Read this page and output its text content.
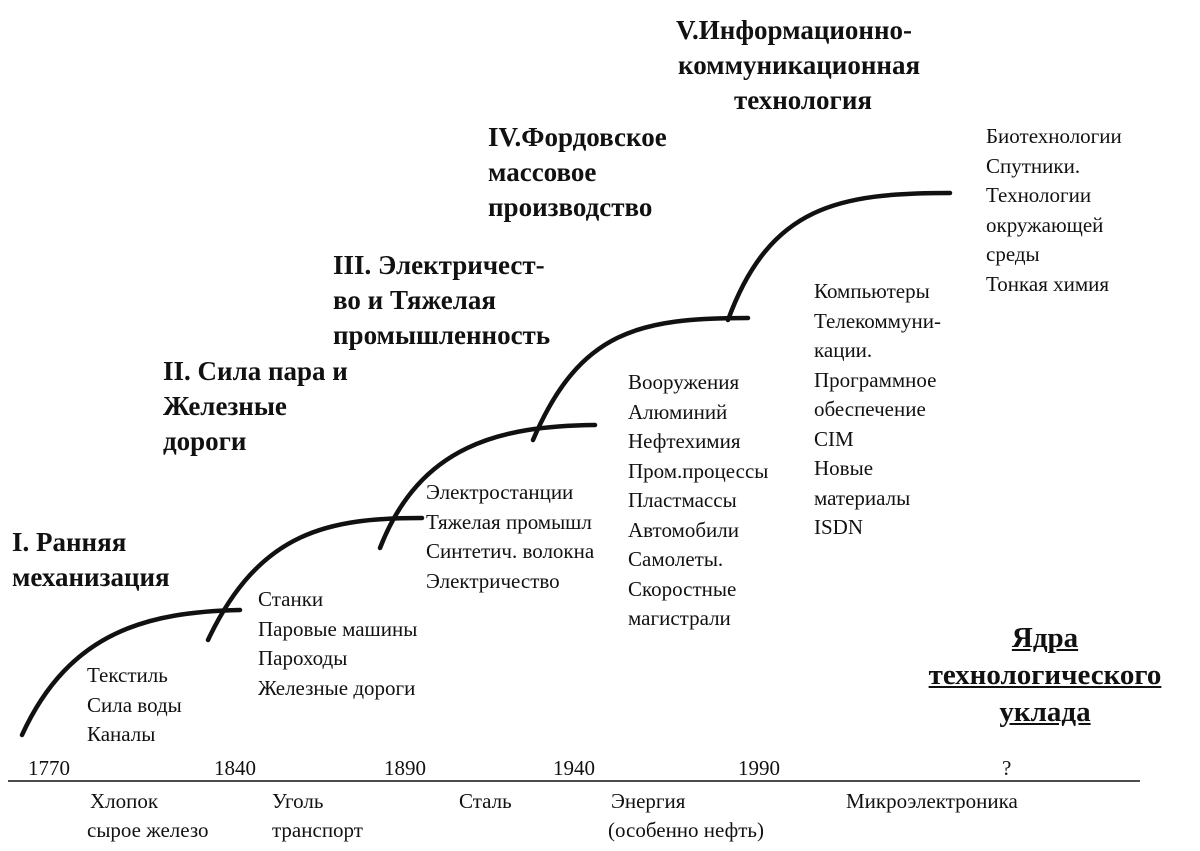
I. Ранняя
механизация
II. Сила пара и
Железные
дороги
III. Электричест-
во и Тяжелая
промышленность
IV.Фордовское
массовое
производство
V.Информационно-
коммуникационная
технология
Текстиль
Сила воды
Каналы
Станки
Паровые машины
Пароходы
Железные дороги
Электростанции
Тяжелая промышл
Синтетич. волокна
Электричество
Вооружения
Алюминий
Нефтехимия
Пром.процессы
Пластмассы
Автомобили
Самолеты.
Скоростные
магистрали
Компьютеры
Телекоммуни-
кации.
Программное
обеспечение
CIM
Новые
материалы
ISDN
Биотехнологии
Спутники.
Технологии
окружающей
среды
Тонкая химия
Ядра
технологического
уклада
1770	1840	1890	1940	1990	?
Хлопок
сырое железо
Уголь
транспорт
Сталь	Энергия
(особенно нефть)
Микроэлектроника
